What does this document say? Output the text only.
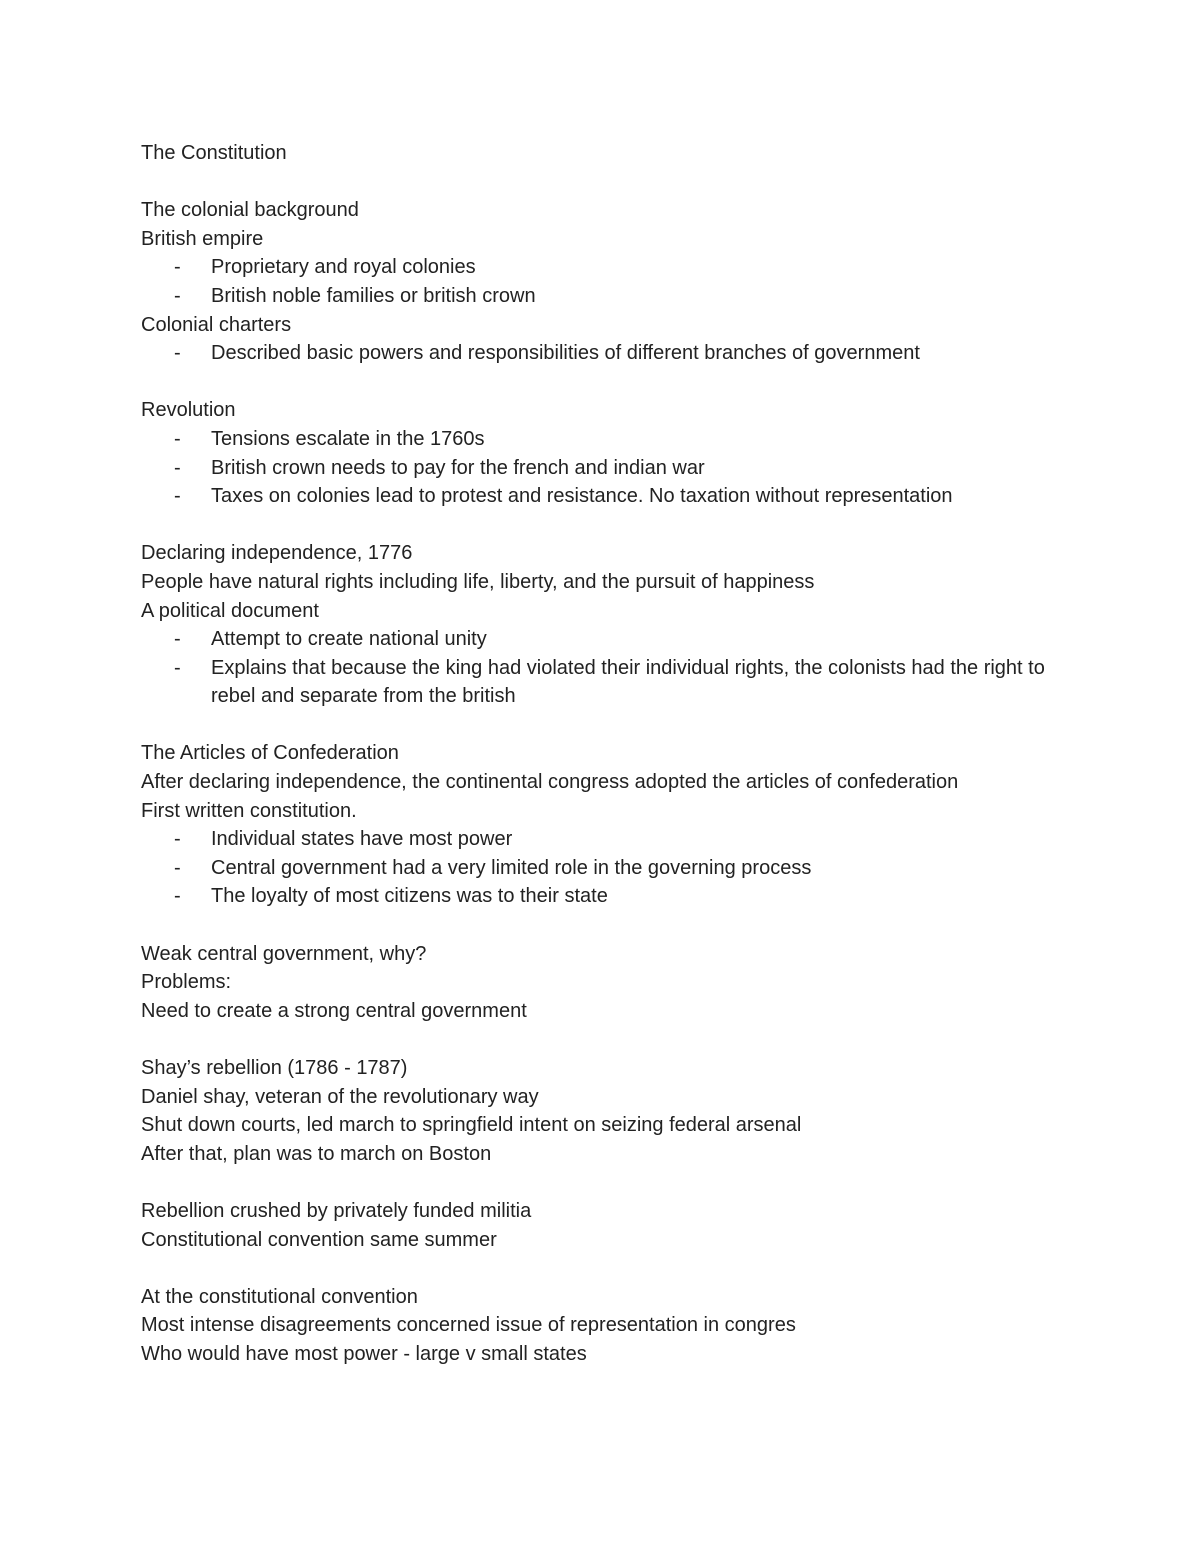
The Constitution

The colonial background

British empire

- Proprietary and royal colonies
- British noble families or british crown

Colonial charters

- Described basic powers and responsibilities of different branches of government

Revolution

- Tensions escalate in the 1760s
- British crown needs to pay for the french and indian war
- Taxes on colonies lead to protest and resistance. No taxation without representation

Declaring independence, 1776

People have natural rights including life, liberty, and the pursuit of happiness

A political document

- Attempt to create national unity
- Explains that because the king had violated their individual rights, the colonists had the right to rebel and separate from the british

The Articles of Confederation

After declaring independence, the continental congress adopted the articles of confederation

First written constitution.

- Individual states have most power
- Central government had a very limited role in the governing process
- The loyalty of most citizens was to their state

Weak central government, why?

Problems:

Need to create a strong central government

Shay’s rebellion (1786 - 1787)

Daniel shay, veteran of the revolutionary way

Shut down courts, led march to springfield intent on seizing federal arsenal

After that, plan was to march on Boston

Rebellion crushed by privately funded militia

Constitutional convention same summer

At the constitutional convention

Most intense disagreements concerned issue of representation in congres

Who would have most power - large v small states
